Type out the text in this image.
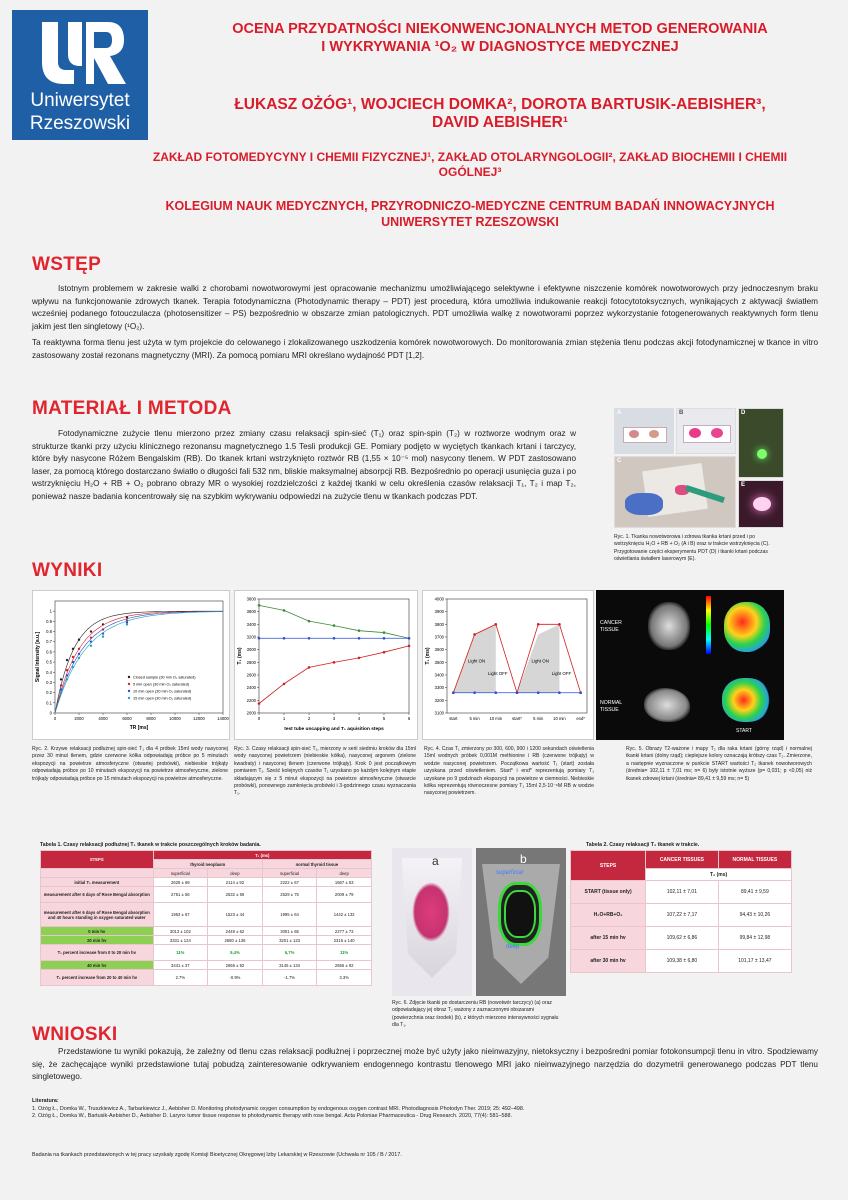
Uniwersytet
Rzeszowski
OCENA PRZYDATNOŚCI NIEKONWENCJONALNYCH METOD GENEROWANIA
I WYKRYWANIA ¹O₂ W DIAGNOSTYCE MEDYCZNEJ
ŁUKASZ OŻÓG¹, WOJCIECH DOMKA², DOROTA BARTUSIK-AEBISHER³,
DAVID AEBISHER¹
ZAKŁAD FOTOMEDYCYNY I CHEMII FIZYCZNEJ¹, ZAKŁAD OTOLARYNGOLOGII², ZAKŁAD BIOCHEMII I CHEMII
OGÓLNEJ³
KOLEGIUM NAUK MEDYCZNYCH, PRZYRODNICZO-MEDYCZNE CENTRUM BADAŃ INNOWACYJNYCH
UNIWERSYTET RZESZOWSKI
WSTĘP
Istotnym problemem w zakresie walki z chorobami nowotworowymi jest opracowanie mechanizmu umożliwiającego selektywne i efektywne niszczenie komórek nowotworowych przy jednoczesnym braku wpływu na funkcjonowanie zdrowych tkanek. Terapia fotodynamiczna (Photodynamic therapy – PDT) jest procedurą, która umożliwia indukowanie reakcji fotocytotoksycznych, wynikających z aktywacji światłem wcześniej podanego fotouczulacza (photosensitizer – PS) bezpośrednio w obszarze zmian patologicznych. PDT umożliwia walkę z nowotworami poprzez wykorzystanie fotogenerowanych reaktywnych form tlenu jakim jest tlen singletowy (¹O₂).
Ta reaktywna forma tlenu jest użyta w tym projekcie do celowanego i zlokalizowanego uszkodzenia komórek nowotworowych. Do monitorowania zmian stężenia tlenu podczas akcji fotodynamicznej w tkance in vitro zastosowany został rezonans magnetyczny (MRI). Za pomocą pomiaru MRI określano wydajność PDT [1,2].
MATERIAŁ I METODA
Fotodynamiczne zużycie tlenu mierzono przez zmiany czasu relaksacji spin-sieć (T₁) oraz spin-spin (T₂) w roztworze wodnym oraz w strukturze tkanki przy użyciu klinicznego rezonansu magnetycznego 1.5 Tesli produkcji GE. Pomiary podjęto w wyciętych tkankach krtani i tarczycy, które były nasycone Różem Bengalskim (RB). Do tkanek krtani wstrzyknięto roztwór RB (1,55 × 10⁻⁵ mol) nasycony tlenem. W PDT zastosowano laser, za pomocą którego dostarczano światło o długości fali 532 nm, bliskie maksymalnej absorpcji RB. Bezpośrednio po operacji usunięcia guza i po wstrzyknięciu H₂O + RB + O₂ pobrano obrazy MR o wysokiej rozdzielczości z każdej tkanki w celu określenia czasów relaksacji T₁, T₂ i map T₂, ponieważ nasze badania koncentrowały się na szybkim wykrywaniu odpowiedzi na zużycie tlenu w tkankach podczas PDT.
A	B	D
C
E
Ryc. 1. Tkanka nowotworowa i zdrowa tkanka krtani przed i po wstrzyknięciu H₂O + RB + O₂ (A i B) oraz w trakcie wstrzyknięcia (C). Przygotowanie części eksperymentu PDT (D) i tkanki krtani podczas oświetlania światłem laserowym (E).
WYNIKI
0	2000	4000	6000	8000	10000	12000	14000
0
0.1
0.2
0.3
0.4
0.5
0.6
0.7
0.8
0.9
1
Closed sample (30 min O₂ saturated)
5 min open (30 min O₂ saturated)
10 min open (30 min O₂ saturated)
15 min open (30 min O₂ saturated)
TR [ms]
Signal Intensity [a.u.]
0	1	2	3	4	5	6
2000
2200
2400
2600
2800
3000
3200
3400
3600
3800
test tube uncapping and T₁ aquisition steps
T₁ (ms)
3100
3200
3300
3400
3500
3600
3700
3800
3900
4000
start	5 min 10 min start*	5 min 10 min	end*
Light ON
Light OFF
Light ON
Light OFF
T₁ (ms)
CANCER TISSUE
NORMAL TISSUE
START
Ryc. 2. Krzywe relaksacji podłużnej spin-sieć T₁ dla 4 próbek 15ml wody nasyconej przez 30 minut tlenem, gdzie czerwone kółka odpowiadają próbce po 5 minutach ekspozycji na powietrze atmosferyczne (otwartej probówki), niebieskie trójkąty odpowiadają próbce po 10 minutach ekspozycji na powietrze atmosferyczne, zielone trójkąty odpowiadają próbce po 15 minutach ekspozycji na powietrze atmosferyczne.
Ryc. 3. Czasy relaksacji spin-sieć T₁, mierzony w serii siedmiu kroków dla 15ml wody nasyconej powietrzem (niebieskie kółka), nasyconej argonem (zielone kwadraty) i nasyconej tlenem (czerwone trójkąty). Krok 0 jest początkowym pomiarem T₁. Sześć kolejnych czasów T₁ uzyskano po każdym kolejnym etapie składającym się z 5 minut ekspozycji na powietrze atmosferyczne (otwarcie probówki), ponownego zamknięcia probówki i 3-godzinnego czasu wyznaczania T₁.
Ryc. 4. Czas T₁ zmierzony po 300, 600, 900 i 1200 sekundach oświetlenia 15ml wodnych próbek 0,001M methionine i RB (czerwone trójkąty) w wodzie nasyconej powietrzem. Początkowa wartość T₁ (start) została uzyskana przed oświetleniem. Start* i end* reprezentują pomiary T₁ uzyskane po 9 godzinach ekspozycji na powietrze w ciemności. Niebieskie kółka reprezentują równoczesne pomiary T₁ 15ml 2,5·10⁻⁶M RB w wodzie nasyconej powietrzem.
Ryc. 5. Obrazy T2-ważone i mapy T₂ dla raka krtani (górny rząd) i normalnej tkanki krtani (dolny rząd); cieplejsze kolory oznaczają krótszy czas T₂. Zmierzone, a następnie wyznaczone w punkcie START wartości T₂ tkanek nowotworowych (średnia= 102,11 ± 7,01 ms; n= 6) były istotnie wyższe (p= 0,031; p <0,05) niż tkanek zdrowej krtani (średnia= 89,41 ± 9,59 ms; n= 5)
Tabela 1. Czasy relaksacji podłużnej T₁ tkanek w trakcie poszczególnych kroków badania.
STEPS	T₁ (ms)			
	thyroid neoplasm		normal thyroid tissue	
	superficial	deep	superficial	deep
initial T₁ measurement	2626 ± 69	2114 ± 92	2222 ± 67	1667 ± 53
measurement after 6 days of Rose Bengal absorption	2751 ± 56	2532 ± 59	2529 ± 75	2009 ± 79
measurement after 6 days of Rose Bengal absorption and 40 hours standing in oxygen saturated water	1953 ± 67	1523 ± 44	1995 ± 64	1442 ± 132
0 min hv	3013 ± 102	2449 ± 62	3001 ± 65	2277 ± 73
20 min hv	3331 ± 124	2680 ± 136	3201 ± 123	2316 ± 140
T₁ percent increase from 0 to 20 min hv	11%	9,4%	6,7%	11%
40 min hv	3441 ± 37	2656 ± 92	3145 ± 134	2656 ± 92
T₁ percent increase from 20 to 40 min hv	2.7%	-0.9%	-1.7%	3.3%
a	b
superficial
deep
Ryc. 6. Zdjęcie tkanki po dostarczeniu RB (nowotwór tarczycy) (a) oraz odpowiadający jej obraz T₂ ważony z zaznaczonymi obszarami (powierzchnia oraz środek) (b), z których mierzono intensywności sygnału dla T₁.
Tabela 2. Czasy relaksacji T₂ tkanek w trakcie.
STEPS	CANCER TISSUES	NORMAL TISSUES
	T₂ (ms)	
START (tissue only)	102,11 ± 7,01	89,41 ± 9,59
H₂O+RB+O₂	107,22 ± 7,17	94,43 ± 10,26
after 15 min hv	109,62 ± 6,86	99,84 ± 12,98
after 30 min hv	109,38 ± 6,80	101,17 ± 13,47
WNIOSKI
Przedstawione tu wyniki pokazują, że zależny od tlenu czas relaksacji podłużnej i poprzecznej może być użyty jako nieinwazyjny, nietoksyczny i bezpośredni pomiar fotokonsumpcji tlenu in vitro. Spodziewamy się, że zachęcające wyniki przedstawione tutaj pobudzą zainteresowanie odkrywaniem endogennego kontrastu tlenowego MRI jako nieinwazyjnego narzędzia do dozymetrii generowanego podczas PDT tlenu singletowego.
Literatura:
1. Ożóg Ł., Domka W., Truszkiewicz A., Tarbarkiewicz J., Aebisher D. Monitoring photodynamic oxygen consumption by endogenous oxygen contrast MRI. Photodiagnosis Photodyn Ther. 2019; 25: 492–498.
2. Ożóg Ł., Domka W., Bartusik-Aebisher D., Aebisher D. Larynx tumor tissue response to photodynamic therapy with rose bengal. Acta Poloniae Pharmaceutica - Drug Research. 2020, 77(4): 581–588.
Badania na tkankach przedstawionych w tej pracy uzyskały zgodę Komisji Bioetycznej Okręgowej Izby Lekarskiej w Rzeszowie (Uchwała nr 105 / B / 2017.
